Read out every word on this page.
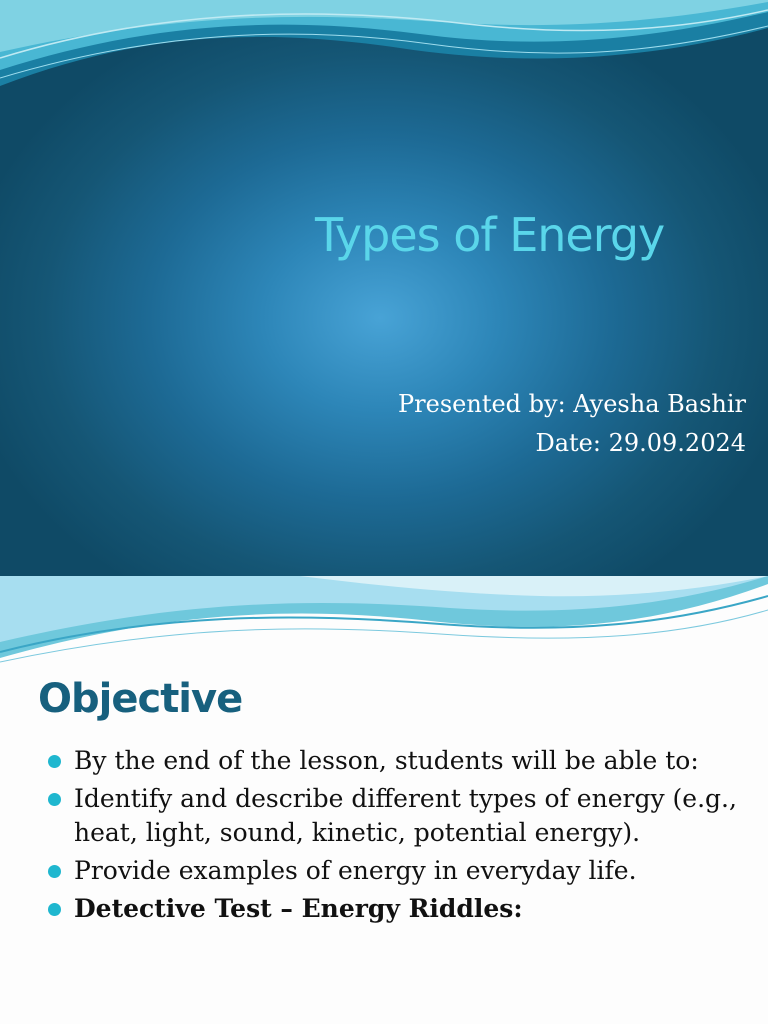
Types of Energy
Presented by: Ayesha Bashir
Date: 29.09.2024
Objective
By the end of the lesson, students will be able to:
Identify and describe different types of energy (e.g., heat, light, sound, kinetic, potential energy).
Provide examples of energy in everyday life.
Detective Test – Energy Riddles:
